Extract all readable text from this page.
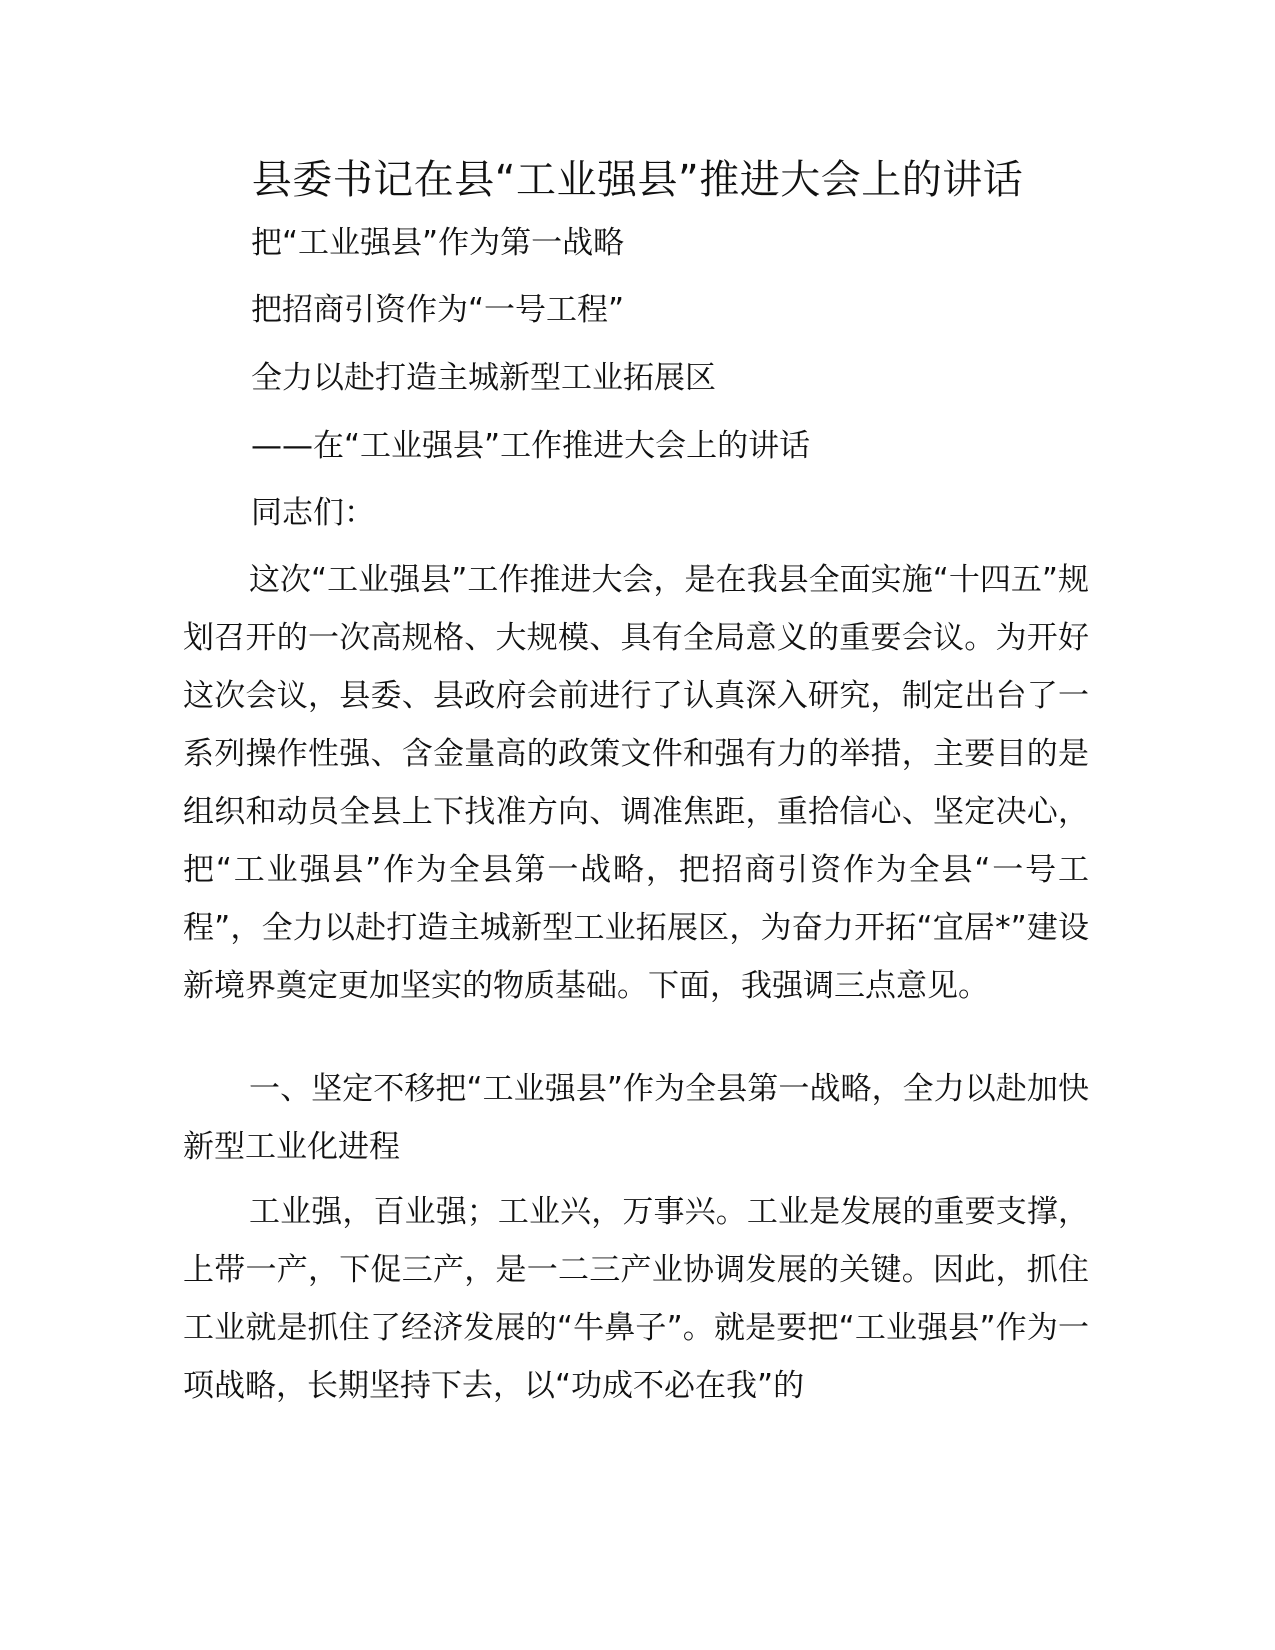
县委书记在县“工业强县”推进大会上的讲话
把“工业强县”作为第一战略
把招商引资作为“一号工程”
全力以赴打造主城新型工业拓展区
——在“工业强县”工作推进大会上的讲话
同志们：

这次“工业强县”工作推进大会，是在我县全面实施“十四五”规划召开的一次高规格、大规模、具有全局意义的重要会议。为开好这次会议，县委、县政府会前进行了认真深入研究，制定出台了一系列操作性强、含金量高的政策文件和强有力的举措，主要目的是组织和动员全县上下找准方向、调准焦距，重拾信心、坚定决心，把“工业强县”作为全县第一战略，把招商引资作为全县“一号工程”，全力以赴打造主城新型工业拓展区，为奋力开拓“宜居*”建设新境界奠定更加坚实的物质基础。下面，我强调三点意见。

一、坚定不移把“工业强县”作为全县第一战略，全力以赴加快新型工业化进程

工业强，百业强；工业兴，万事兴。工业是发展的重要支撑，上带一产，下促三产，是一二三产业协调发展的关键。因此，抓住工业就是抓住了经济发展的“牛鼻子”。就是要把“工业强县”作为一项战略，长期坚持下去，以“功成不必在我”的
